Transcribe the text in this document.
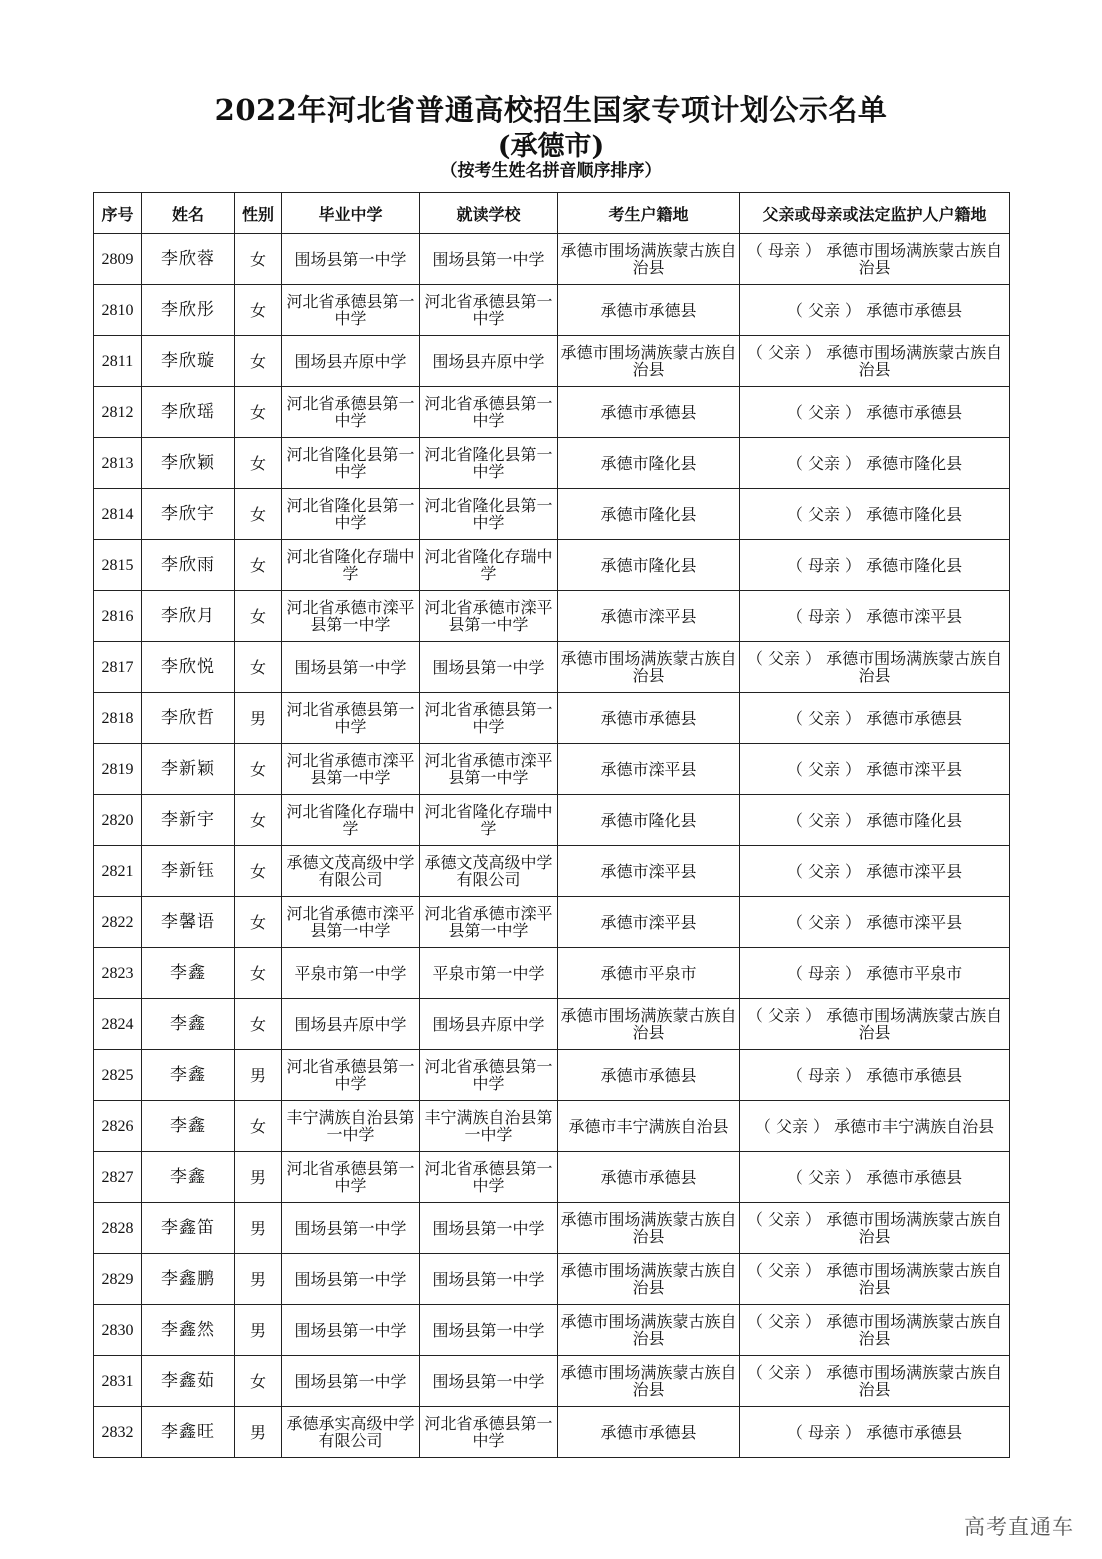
2022年河北省普通高校招生国家专项计划公示名单
(承德市)
（按考生姓名拼音顺序排序）
序号	姓名	性别	毕业中学	就读学校	考生户籍地	父亲或母亲或法定监护人户籍地
2809	李欣蓉	女	围场县第一中学	围场县第一中学	承德市围场满族蒙古族自治县	（ 母亲 ） 承德市围场满族蒙古族自治县
2810	李欣彤	女	河北省承德县第一中学	河北省承德县第一中学	承德市承德县	（ 父亲 ） 承德市承德县
2811	李欣璇	女	围场县卉原中学	围场县卉原中学	承德市围场满族蒙古族自治县	（ 父亲 ） 承德市围场满族蒙古族自治县
2812	李欣瑶	女	河北省承德县第一中学	河北省承德县第一中学	承德市承德县	（ 父亲 ） 承德市承德县
2813	李欣颖	女	河北省隆化县第一中学	河北省隆化县第一中学	承德市隆化县	（ 父亲 ） 承德市隆化县
2814	李欣宇	女	河北省隆化县第一中学	河北省隆化县第一中学	承德市隆化县	（ 父亲 ） 承德市隆化县
2815	李欣雨	女	河北省隆化存瑞中学	河北省隆化存瑞中学	承德市隆化县	（ 母亲 ） 承德市隆化县
2816	李欣月	女	河北省承德市滦平县第一中学	河北省承德市滦平县第一中学	承德市滦平县	（ 母亲 ） 承德市滦平县
2817	李欣悦	女	围场县第一中学	围场县第一中学	承德市围场满族蒙古族自治县	（ 父亲 ） 承德市围场满族蒙古族自治县
2818	李欣哲	男	河北省承德县第一中学	河北省承德县第一中学	承德市承德县	（ 父亲 ） 承德市承德县
2819	李新颖	女	河北省承德市滦平县第一中学	河北省承德市滦平县第一中学	承德市滦平县	（ 父亲 ） 承德市滦平县
2820	李新宇	女	河北省隆化存瑞中学	河北省隆化存瑞中学	承德市隆化县	（ 父亲 ） 承德市隆化县
2821	李新钰	女	承德文茂高级中学有限公司	承德文茂高级中学有限公司	承德市滦平县	（ 父亲 ） 承德市滦平县
2822	李馨语	女	河北省承德市滦平县第一中学	河北省承德市滦平县第一中学	承德市滦平县	（ 父亲 ） 承德市滦平县
2823	李鑫	女	平泉市第一中学	平泉市第一中学	承德市平泉市	（ 母亲 ） 承德市平泉市
2824	李鑫	女	围场县卉原中学	围场县卉原中学	承德市围场满族蒙古族自治县	（ 父亲 ） 承德市围场满族蒙古族自治县
2825	李鑫	男	河北省承德县第一中学	河北省承德县第一中学	承德市承德县	（ 母亲 ） 承德市承德县
2826	李鑫	女	丰宁满族自治县第一中学	丰宁满族自治县第一中学	承德市丰宁满族自治县	（ 父亲 ） 承德市丰宁满族自治县
2827	李鑫	男	河北省承德县第一中学	河北省承德县第一中学	承德市承德县	（ 父亲 ） 承德市承德县
2828	李鑫笛	男	围场县第一中学	围场县第一中学	承德市围场满族蒙古族自治县	（ 父亲 ） 承德市围场满族蒙古族自治县
2829	李鑫鹏	男	围场县第一中学	围场县第一中学	承德市围场满族蒙古族自治县	（ 父亲 ） 承德市围场满族蒙古族自治县
2830	李鑫然	男	围场县第一中学	围场县第一中学	承德市围场满族蒙古族自治县	（ 父亲 ） 承德市围场满族蒙古族自治县
2831	李鑫茹	女	围场县第一中学	围场县第一中学	承德市围场满族蒙古族自治县	（ 父亲 ） 承德市围场满族蒙古族自治县
2832	李鑫旺	男	承德承实高级中学有限公司	河北省承德县第一中学	承德市承德县	（ 母亲 ） 承德市承德县
高考直通车
